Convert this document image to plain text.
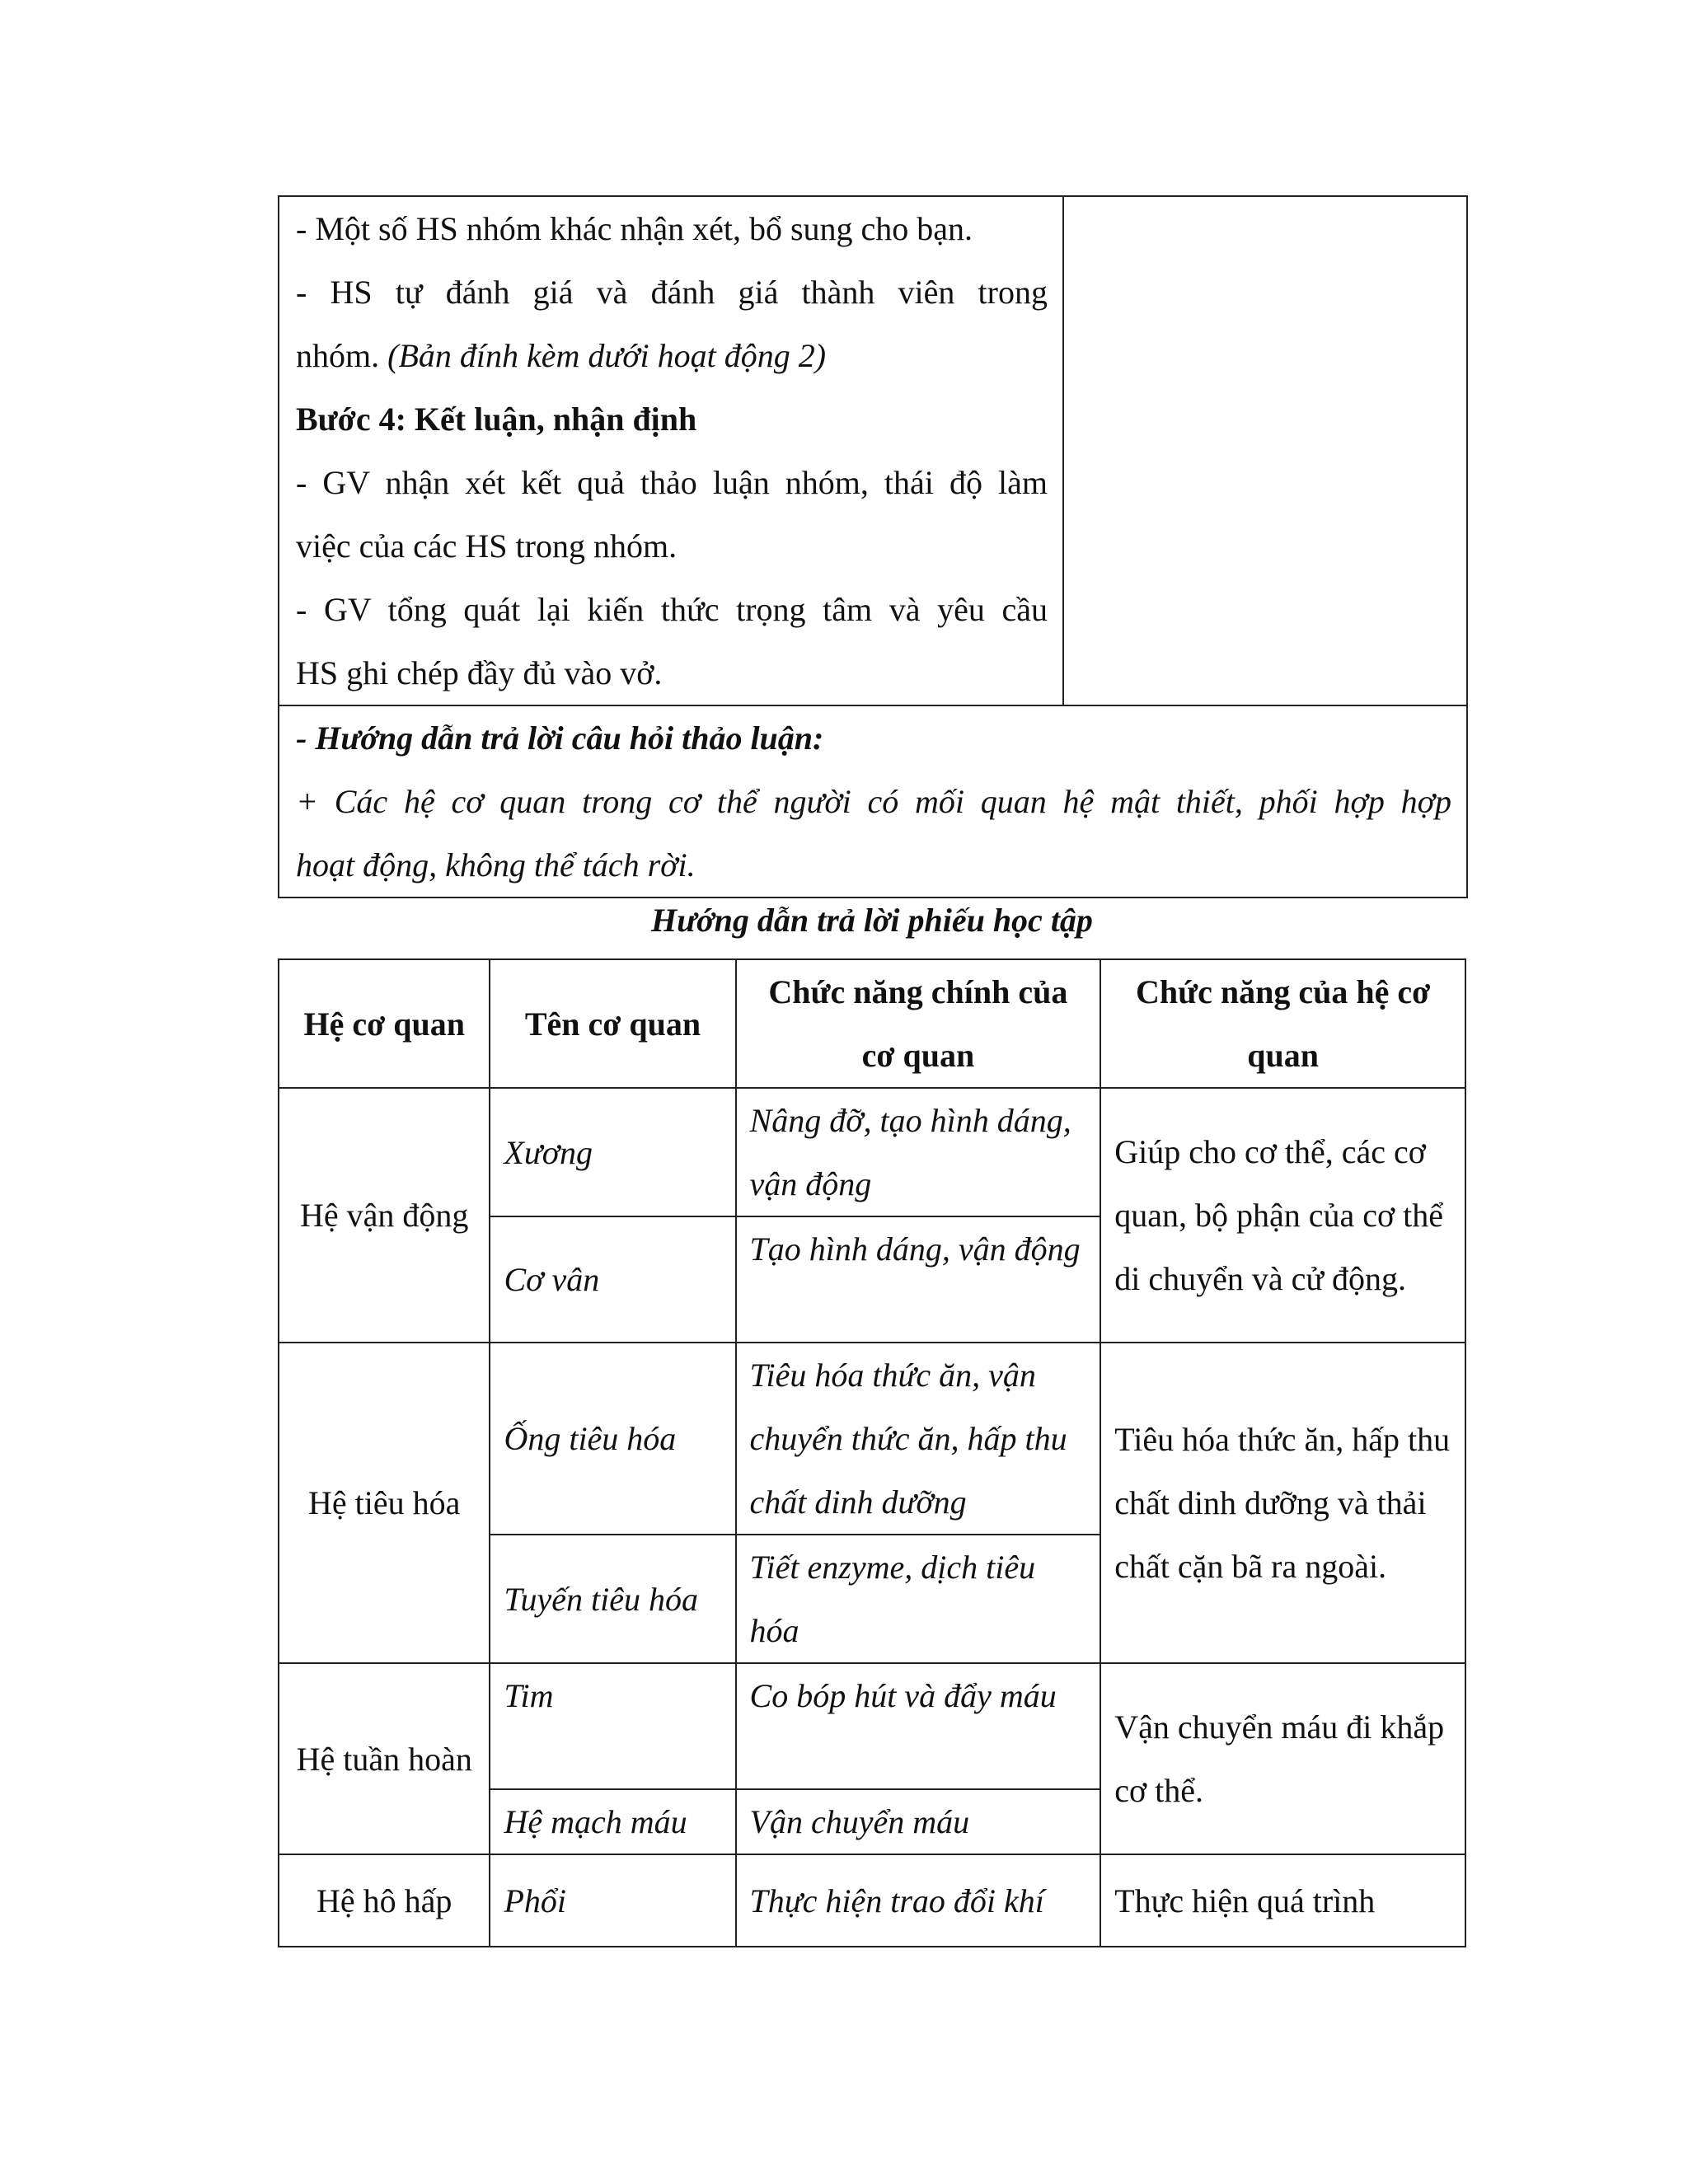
- Một số HS nhóm khác nhận xét, bổ sung cho bạn.
- HS tự đánh giá và đánh giá thành viên trong
nhóm. (Bản đính kèm dưới hoạt động 2)
Bước 4: Kết luận, nhận định
- GV nhận xét kết quả thảo luận nhóm, thái độ làm
việc của các HS trong nhóm.
- GV tổng quát lại kiến thức trọng tâm và yêu cầu
HS ghi chép đầy đủ vào vở.

- Hướng dẫn trả lời câu hỏi thảo luận:
+ Các hệ cơ quan trong cơ thể người có mối quan hệ mật thiết, phối hợp hợp
hoạt động, không thể tách rời.
Hướng dẫn trả lời phiếu học tập
Hệ cơ quan	Tên cơ quan	Chức năng chính của cơ quan	Chức năng của hệ cơ quan
Hệ vận động	Xương	Nâng đỡ, tạo hình dáng, vận động	Giúp cho cơ thể, các cơ quan, bộ phận của cơ thể di chuyển và cử động.
	Cơ vân	Tạo hình dáng, vận động	
Hệ tiêu hóa	Ống tiêu hóa	Tiêu hóa thức ăn, vận chuyển thức ăn, hấp thu chất dinh dưỡng	Tiêu hóa thức ăn, hấp thu chất dinh dưỡng và thải chất cặn bã ra ngoài.
	Tuyến tiêu hóa	Tiết enzyme, dịch tiêu hóa	
Hệ tuần hoàn	Tim	Co bóp hút và đẩy máu	Vận chuyển máu đi khắp cơ thể.
	Hệ mạch máu	Vận chuyển máu	
Hệ hô hấp	Phổi	Thực hiện trao đổi khí	Thực hiện quá trình
